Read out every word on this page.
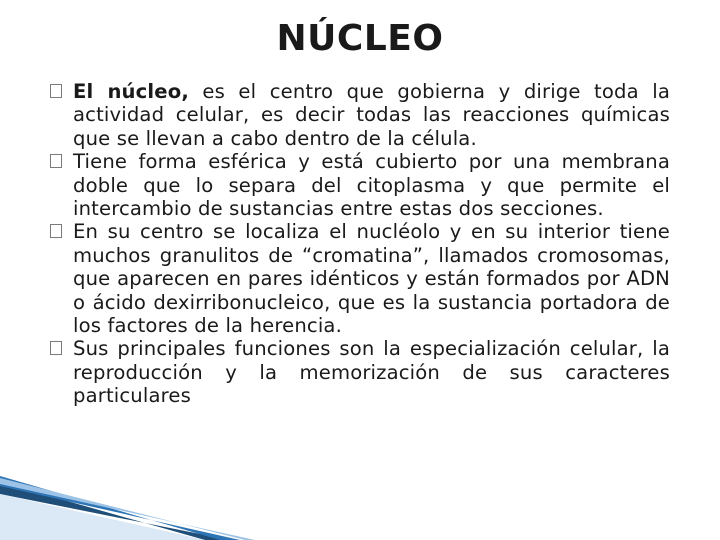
NÚCLEO
El núcleo, es el centro que gobierna y dirige toda la actividad celular, es decir todas las reacciones químicas que se llevan a cabo dentro de la célula.
Tiene forma esférica y está cubierto por una membrana doble que lo separa del citoplasma y que permite el intercambio de sustancias entre estas dos secciones.
En su centro se localiza el nucléolo y en su interior tiene muchos granulitos de “cromatina”, llamados cromosomas, que aparecen en pares idénticos y están formados por ADN o ácido dexirribonucleico, que es la sustancia portadora de los factores de la herencia.
Sus principales funciones son la especialización celular, la reproducción y la memorización de sus caracteres particulares
